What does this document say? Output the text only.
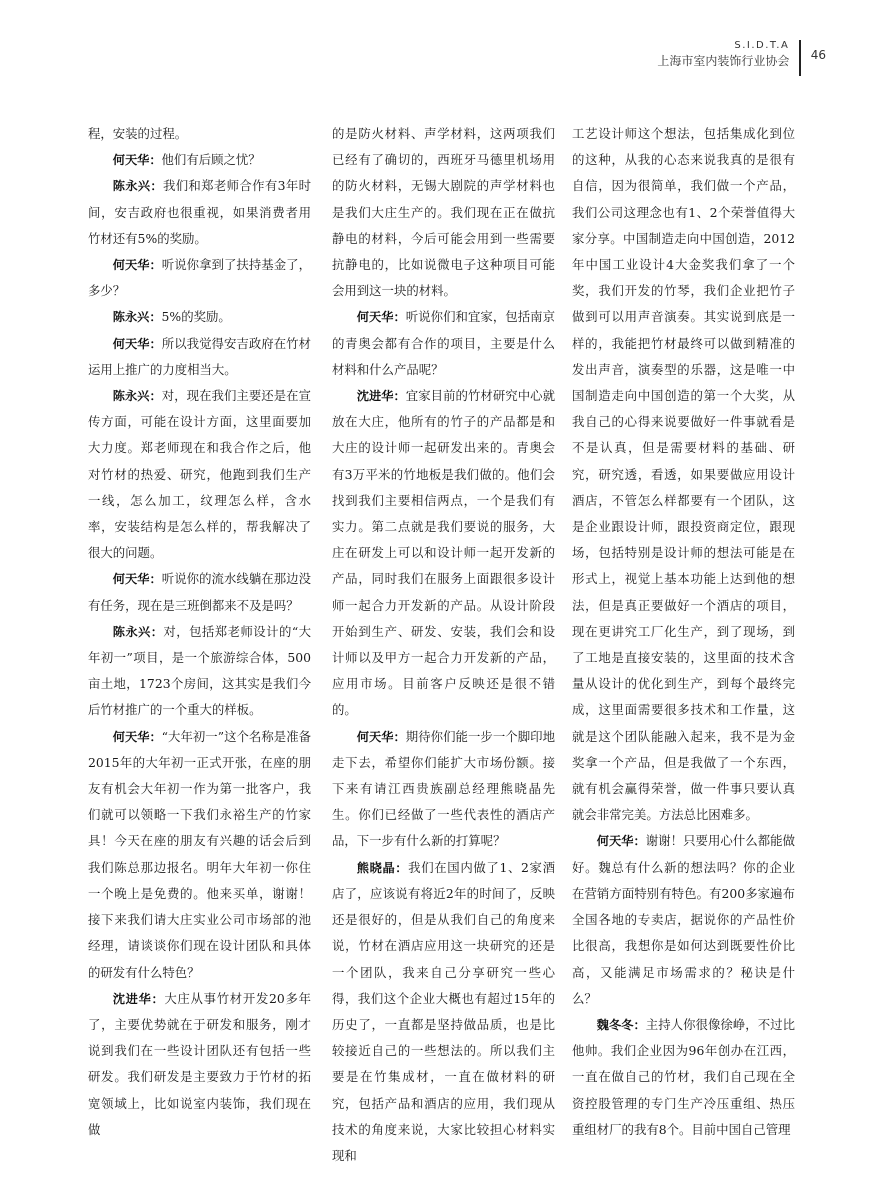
S.I.D.T.A
上海市室内装饰行业协会 46

程，安装的过程。

何天华：他们有后顾之忧？

陈永兴：我们和郑老师合作有3年时间，安吉政府也很重视，如果消费者用竹材还有5%的奖励。

何天华：听说你拿到了扶持基金了，多少？

陈永兴：5%的奖励。

何天华：所以我觉得安吉政府在竹材运用上推广的力度相当大。

陈永兴：对，现在我们主要还是在宣传方面，可能在设计方面，这里面要加大力度。郑老师现在和我合作之后，他对竹材的热爱、研究，他跑到我们生产一线，怎么加工，纹理怎么样，含水率，安装结构是怎么样的，帮我解决了很大的问题。

何天华：听说你的流水线躺在那边没有任务，现在是三班倒都来不及是吗？

陈永兴：对，包括郑老师设计的“大年初一”项目，是一个旅游综合体，500亩土地，1723个房间，这其实是我们今后竹材推广的一个重大的样板。

何天华：“大年初一”这个名称是准备2015年的大年初一正式开张，在座的朋友有机会大年初一作为第一批客户，我们就可以领略一下我们永裕生产的竹家具！今天在座的朋友有兴趣的话会后到我们陈总那边报名。明年大年初一你住一个晚上是免费的。他来买单，谢谢！接下来我们请大庄实业公司市场部的池经理，请谈谈你们现在设计团队和具体的研发有什么特色？

沈进华：大庄从事竹材开发20多年了，主要优势就在于研发和服务，刚才说到我们在一些设计团队还有包括一些研发。我们研发是主要致力于竹材的拓宽领域上，比如说室内装饰，我们现在做

的是防火材料、声学材料，这两项我们已经有了确切的，西班牙马德里机场用的防火材料，无锡大剧院的声学材料也是我们大庄生产的。我们现在正在做抗静电的材料，今后可能会用到一些需要抗静电的，比如说微电子这种项目可能会用到这一块的材料。

何天华：听说你们和宜家，包括南京的青奥会都有合作的项目，主要是什么材料和什么产品呢？

沈进华：宜家目前的竹材研究中心就放在大庄，他所有的竹子的产品都是和大庄的设计师一起研发出来的。青奥会有3万平米的竹地板是我们做的。他们会找到我们主要相信两点，一个是我们有实力。第二点就是我们要说的服务，大庄在研发上可以和设计师一起开发新的产品，同时我们在服务上面跟很多设计师一起合力开发新的产品。从设计阶段开始到生产、研发、安装，我们会和设计师以及甲方一起合力开发新的产品，应用市场。目前客户反映还是很不错的。

何天华：期待你们能一步一个脚印地走下去，希望你们能扩大市场份额。接下来有请江西贵族副总经理熊晓晶先生。你们已经做了一些代表性的酒店产品，下一步有什么新的打算呢？

熊晓晶：我们在国内做了1、2家酒店了，应该说有将近2年的时间了，反映还是很好的，但是从我们自己的角度来说，竹材在酒店应用这一块研究的还是一个团队，我来自己分享研究一些心得，我们这个企业大概也有超过15年的历史了，一直都是坚持做品质，也是比较接近自己的一些想法的。所以我们主要是在竹集成材，一直在做材料的研究，包括产品和酒店的应用，我们现从技术的角度来说，大家比较担心材料实现和

工艺设计师这个想法，包括集成化到位的这种，从我的心态来说我真的是很有自信，因为很简单，我们做一个产品，我们公司这理念也有1、2个荣誉值得大家分享。中国制造走向中国创造，2012年中国工业设计4大金奖我们拿了一个奖，我们开发的竹琴，我们企业把竹子做到可以用声音演奏。其实说到底是一样的，我能把竹材最终可以做到精准的发出声音，演奏型的乐器，这是唯一中国制造走向中国创造的第一个大奖，从我自己的心得来说要做好一件事就看是不是认真，但是需要材料的基础、研究，研究透，看透，如果要做应用设计酒店，不管怎么样都要有一个团队，这是企业跟设计师，跟投资商定位，跟现场，包括特别是设计师的想法可能是在形式上，视觉上基本功能上达到他的想法，但是真正要做好一个酒店的项目，现在更讲究工厂化生产，到了现场，到了工地是直接安装的，这里面的技术含量从设计的优化到生产，到每个最终完成，这里面需要很多技术和工作量，这就是这个团队能融入起来，我不是为金奖拿一个产品，但是我做了一个东西，就有机会赢得荣誉，做一件事只要认真就会非常完美。方法总比困难多。

何天华：谢谢！只要用心什么都能做好。魏总有什么新的想法吗？你的企业在营销方面特别有特色。有200多家遍布全国各地的专卖店，据说你的产品性价比很高，我想你是如何达到既要性价比高，又能满足市场需求的？秘诀是什么？

魏冬冬：主持人你很像徐峥，不过比他帅。我们企业因为96年创办在江西，一直在做自己的竹材，我们自己现在全资控股管理的专门生产冷压重组、热压重组材厂的我有8个。目前中国自己管理
